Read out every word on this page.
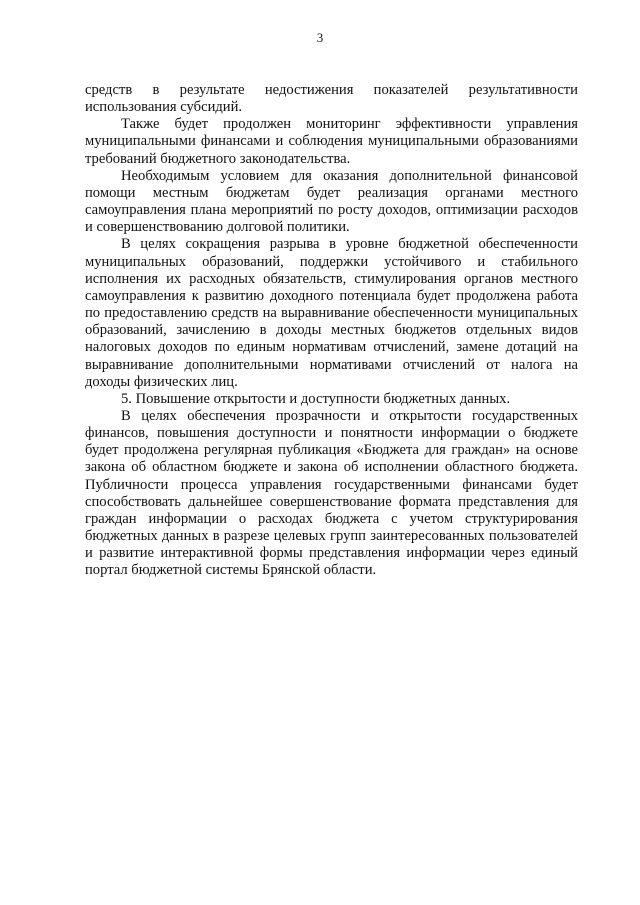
3

средств в результате недостижения показателей результативности использования субсидий.

Также будет продолжен мониторинг эффективности управления муниципальными финансами и соблюдения муниципальными образованиями требований бюджетного законодательства.

Необходимым условием для оказания дополнительной финансовой помощи местным бюджетам будет реализация органами местного самоуправления плана мероприятий по росту доходов, оптимизации расходов и совершенствованию долговой политики.

В целях сокращения разрыва в уровне бюджетной обеспеченности муниципальных образований, поддержки устойчивого и стабильного исполнения их расходных обязательств, стимулирования органов местного самоуправления к развитию доходного потенциала будет продолжена работа по предоставлению средств на выравнивание обеспеченности муниципальных образований, зачислению в доходы местных бюджетов отдельных видов налоговых доходов по единым нормативам отчислений, замене дотаций на выравнивание дополнительными нормативами отчислений от налога на доходы физических лиц.

5. Повышение открытости и доступности бюджетных данных.

В целях обеспечения прозрачности и открытости государственных финансов, повышения доступности и понятности информации о бюджете будет продолжена регулярная публикация «Бюджета для граждан» на основе закона об областном бюджете и закона об исполнении областного бюджета. Публичности процесса управления государственными финансами будет способствовать дальнейшее совершенствование формата представления для граждан информации о расходах бюджета с учетом структурирования бюджетных данных в разрезе целевых групп заинтересованных пользователей и развитие интерактивной формы представления информации через единый портал бюджетной системы Брянской области.
